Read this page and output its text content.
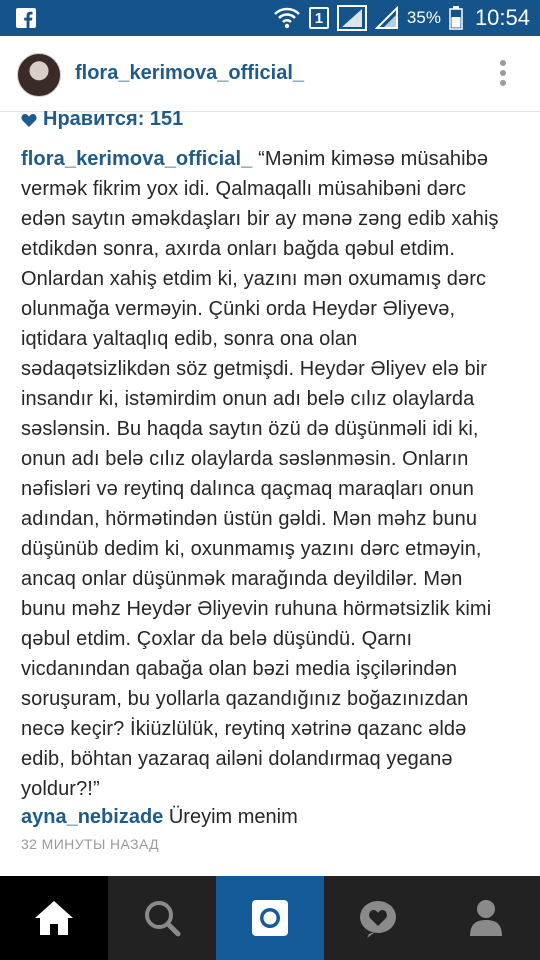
1	35% 10:54
flora_kerimova_official_
Нравится: 151
flora_kerimova_official_ “Mənim kiməsə müsahibə
vermək fikrim yox idi. Qalmaqallı müsahibəni dərc
edən saytın əməkdaşları bir ay mənə zəng edib xahiş
etdikdən sonra, axırda onları bağda qəbul etdim.
Onlardan xahiş etdim ki, yazını mən oxumamış dərc
olunmağa verməyin. Çünki orda Heydər Əliyevə,
iqtidara yaltaqlıq edib, sonra ona olan
sədaqətsizlikdən söz getmişdi. Heydər Əliyev elə bir
insandır ki, istəmirdim onun adı belə cılız olaylarda
səslənsin. Bu haqda saytın özü də düşünməli idi ki,
onun adı belə cılız olaylarda səslənməsin. Onların
nəfisləri və reytinq dalınca qaçmaq maraqları onun
adından, hörmətindən üstün gəldi. Mən məhz bunu
düşünüb dedim ki, oxunmamış yazını dərc etməyin,
ancaq onlar düşünmək marağında deyildilər. Mən
bunu məhz Heydər Əliyevin ruhuna hörmətsizlik kimi
qəbul etdim. Çoxlar da belə düşündü. Qarnı
vicdanından qabağa olan bəzi media işçilərindən
soruşuram, bu yollarla qazandığınız boğazınızdan
necə keçir? İkiüzlülük, reytinq xətrinə qazanc əldə
edib, böhtan yazaraq ailəni dolandırmaq yeganə
yoldur?!”
ayna_nebizade Üreyim menim
32 МИНУТЫ НАЗАД
